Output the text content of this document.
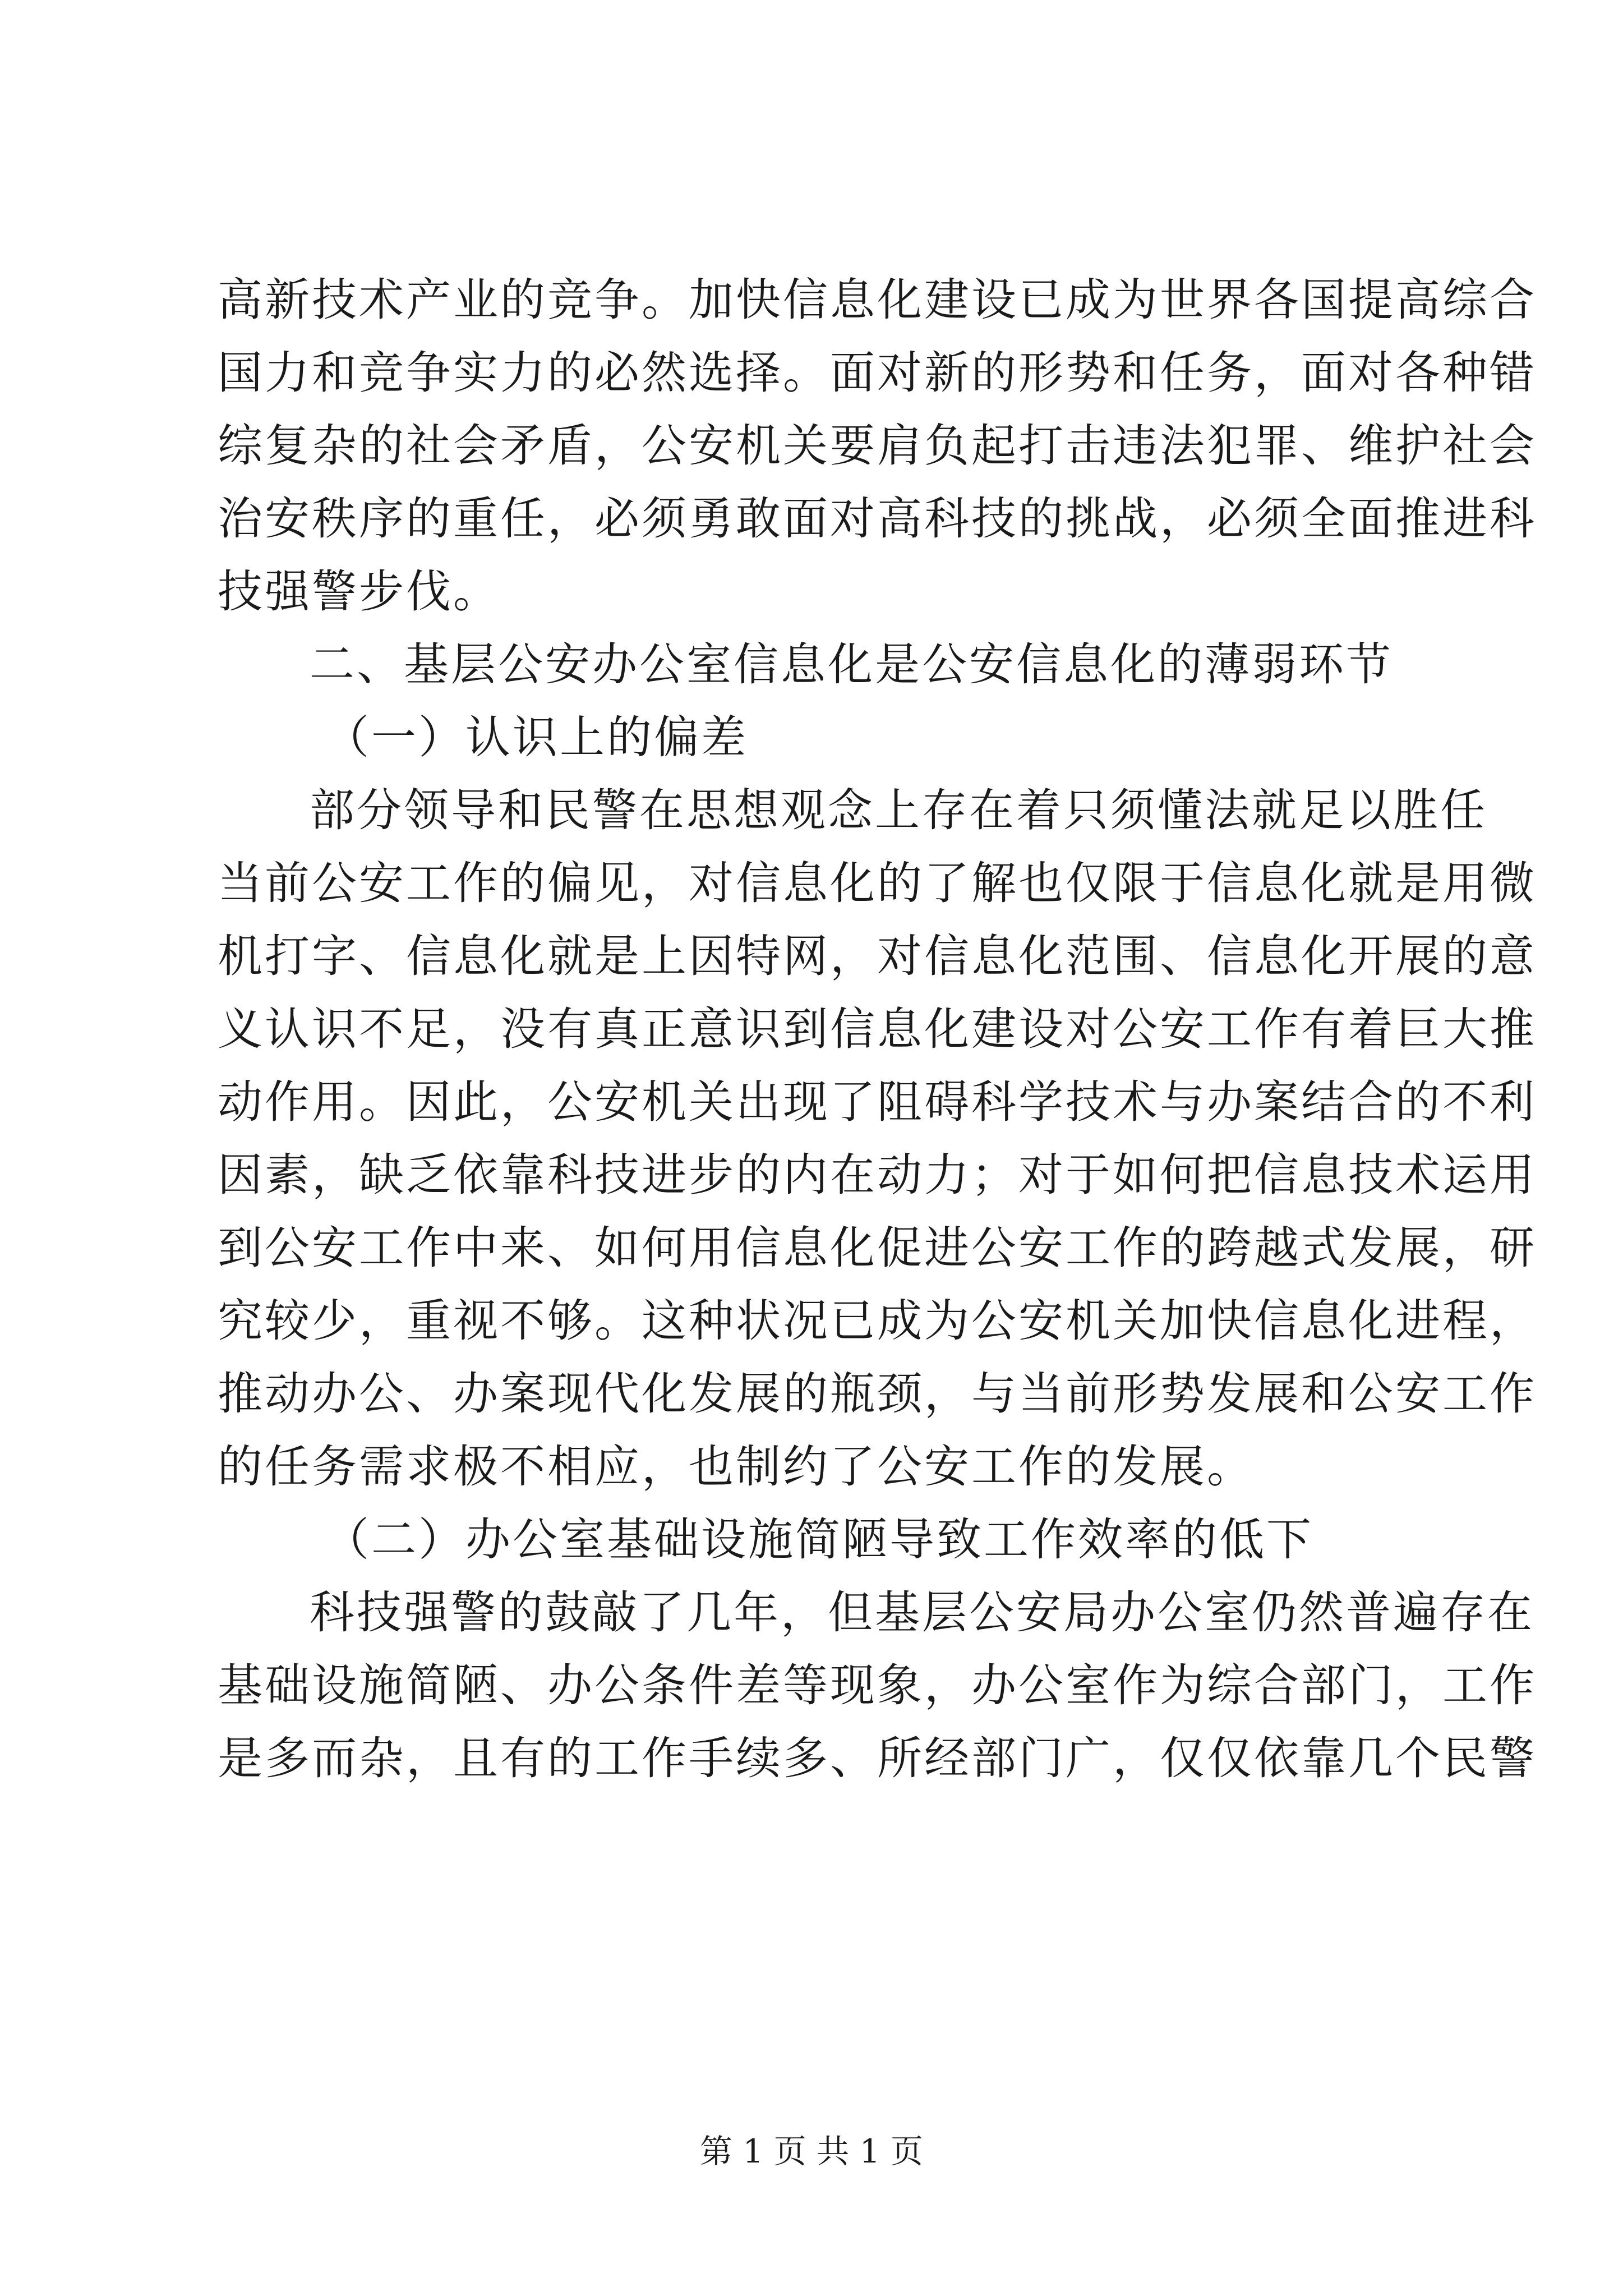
高新技术产业的竞争。加快信息化建设已成为世界各国提高综合
国力和竞争实力的必然选择。面对新的形势和任务，面对各种错
综复杂的社会矛盾，公安机关要肩负起打击违法犯罪、维护社会
治安秩序的重任，必须勇敢面对高科技的挑战，必须全面推进科
技强警步伐。
二、基层公安办公室信息化是公安信息化的薄弱环节
（一）认识上的偏差
部分领导和民警在思想观念上存在着只须懂法就足以胜任
当前公安工作的偏见，对信息化的了解也仅限于信息化就是用微
机打字、信息化就是上因特网，对信息化范围、信息化开展的意
义认识不足，没有真正意识到信息化建设对公安工作有着巨大推
动作用。因此，公安机关出现了阻碍科学技术与办案结合的不利
因素，缺乏依靠科技进步的内在动力；对于如何把信息技术运用
到公安工作中来、如何用信息化促进公安工作的跨越式发展，研
究较少，重视不够。这种状况已成为公安机关加快信息化进程，
推动办公、办案现代化发展的瓶颈，与当前形势发展和公安工作
的任务需求极不相应，也制约了公安工作的发展。
（二）办公室基础设施简陋导致工作效率的低下
科技强警的鼓敲了几年，但基层公安局办公室仍然普遍存在
基础设施简陋、办公条件差等现象，办公室作为综合部门，工作
是多而杂，且有的工作手续多、所经部门广，仅仅依靠几个民警
第 1 页 共 1 页
